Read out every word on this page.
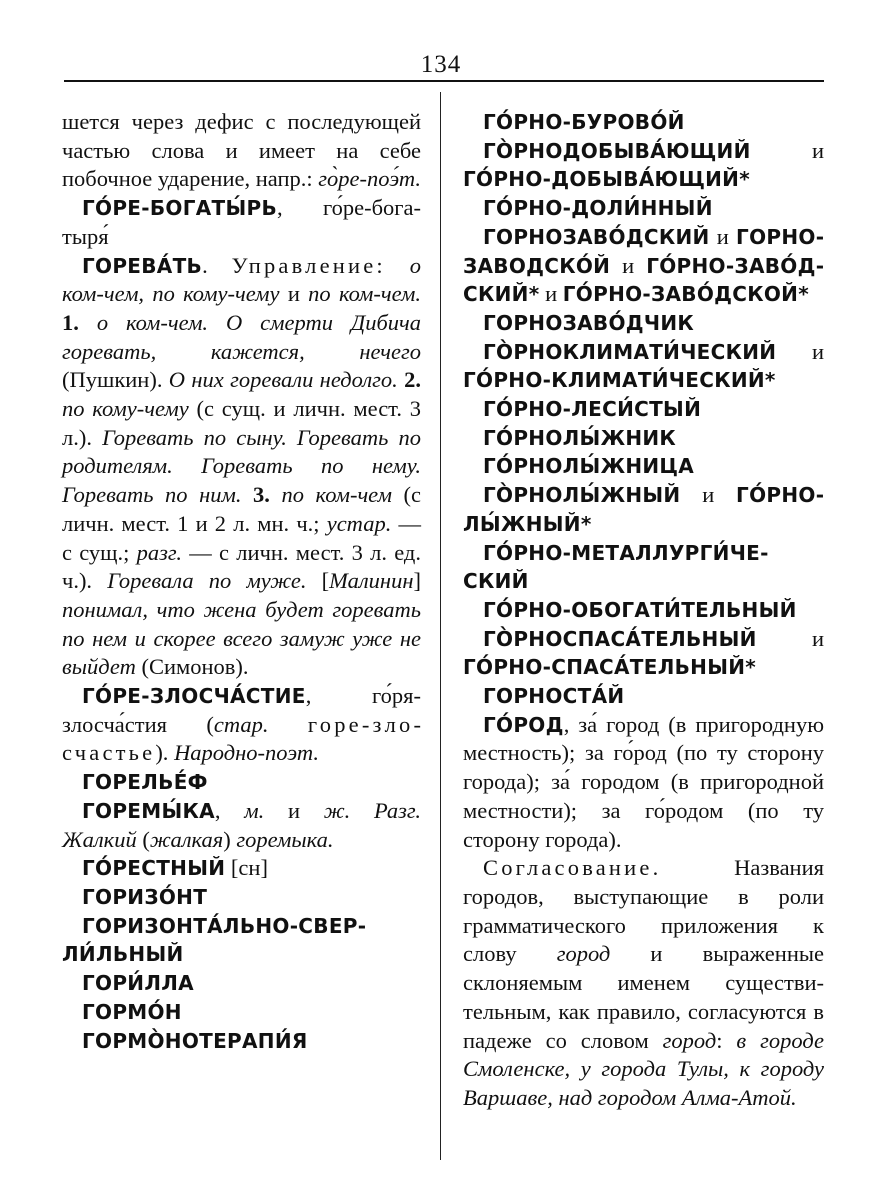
134

шется через дефис с последующей частью слова и имеет на себе побочное ударение, напр.: го̀ре-поэ́т.

ГО́РЕ-БОГАТЫ́РЬ, го́ре-богатыря́

ГОРЕВА́ТЬ. Управление: о ком-чем, по кому-чему и по ком-чем. 1. о ком-чем. О смерти Дибича горевать, кажется, нечего (Пушкин). О них горевали недолго. 2. по кому-чему (с сущ. и личн. мест. 3 л.). Горевать по сыну. Горевать по родителям. Горевать по нему. Горевать по ним. 3. по ком-чем (с личн. мест. 1 и 2 л. мн. ч.; устар. — с сущ.; разг. — с личн. мест. 3 л. ед. ч.). Горевала по муже. [Малинин] понимал, что жена будет горевать по нем и скорее всего замуж уже не выйдет (Симонов).

ГО́РЕ-ЗЛОСЧА́СТИЕ, го́ря-злосча́стия (стар. горе-злосчастье). Народно-поэт.

ГОРЕЛЬЕ́Ф

ГОРЕМЫ́КА, м. и ж. Разг. Жалкий (жалкая) горемыка.

ГО́РЕСТНЫЙ [сн]

ГОРИЗО́НТ

ГОРИЗОНТА́ЛЬНО-СВЕРЛИ́ЛЬНЫЙ

ГОРИ́ЛЛА

ГОРМО́Н

ГОРМО̀НОТЕРАПИ́Я

ГО́РНО-БУРОВО́Й

ГО̀РНОДОБЫВА́ЮЩИЙ и ГО́РНО-ДОБЫВА́ЮЩИЙ*

ГО́РНО-ДОЛИ́ННЫЙ

ГОРНОЗАВО́ДСКИЙ и ГОРНОЗАВОДСКО́Й и ГО́РНО-ЗАВО́ДСКИЙ* и ГО́РНО-ЗАВО́ДСКОЙ*

ГОРНОЗАВО́ДЧИК

ГО̀РНОКЛИМАТИ́ЧЕСКИЙ и ГО́РНО-КЛИМАТИ́ЧЕСКИЙ*

ГО́РНО-ЛЕСИ́СТЫЙ

ГО́РНОЛЫ́ЖНИК

ГО́РНОЛЫ́ЖНИЦА

ГО̀РНОЛЫ́ЖНЫЙ и ГО́РНОЛЫ́ЖНЫЙ*

ГО́РНО-МЕТАЛЛУРГИ́ЧЕСКИЙ

ГО́РНО-ОБОГАТИ́ТЕЛЬНЫЙ

ГО̀РНОСПАСА́ТЕЛЬНЫЙ и ГО́РНО-СПАСА́ТЕЛЬНЫЙ*

ГОРНОСТА́Й

ГО́РОД, за́ город (в пригородную местность); за го́род (по ту сторону города); за́ городом (в пригородной местности); за го́родом (по ту сторону города).

Согласование. Названия городов, выступающие в роли грамматического приложения к слову город и выраженные склоняемым именем существительным, как правило, согласуются в падеже со словом город: в городе Смоленске, у города Тулы, к городу Варшаве, над городом Алма-Атой.
